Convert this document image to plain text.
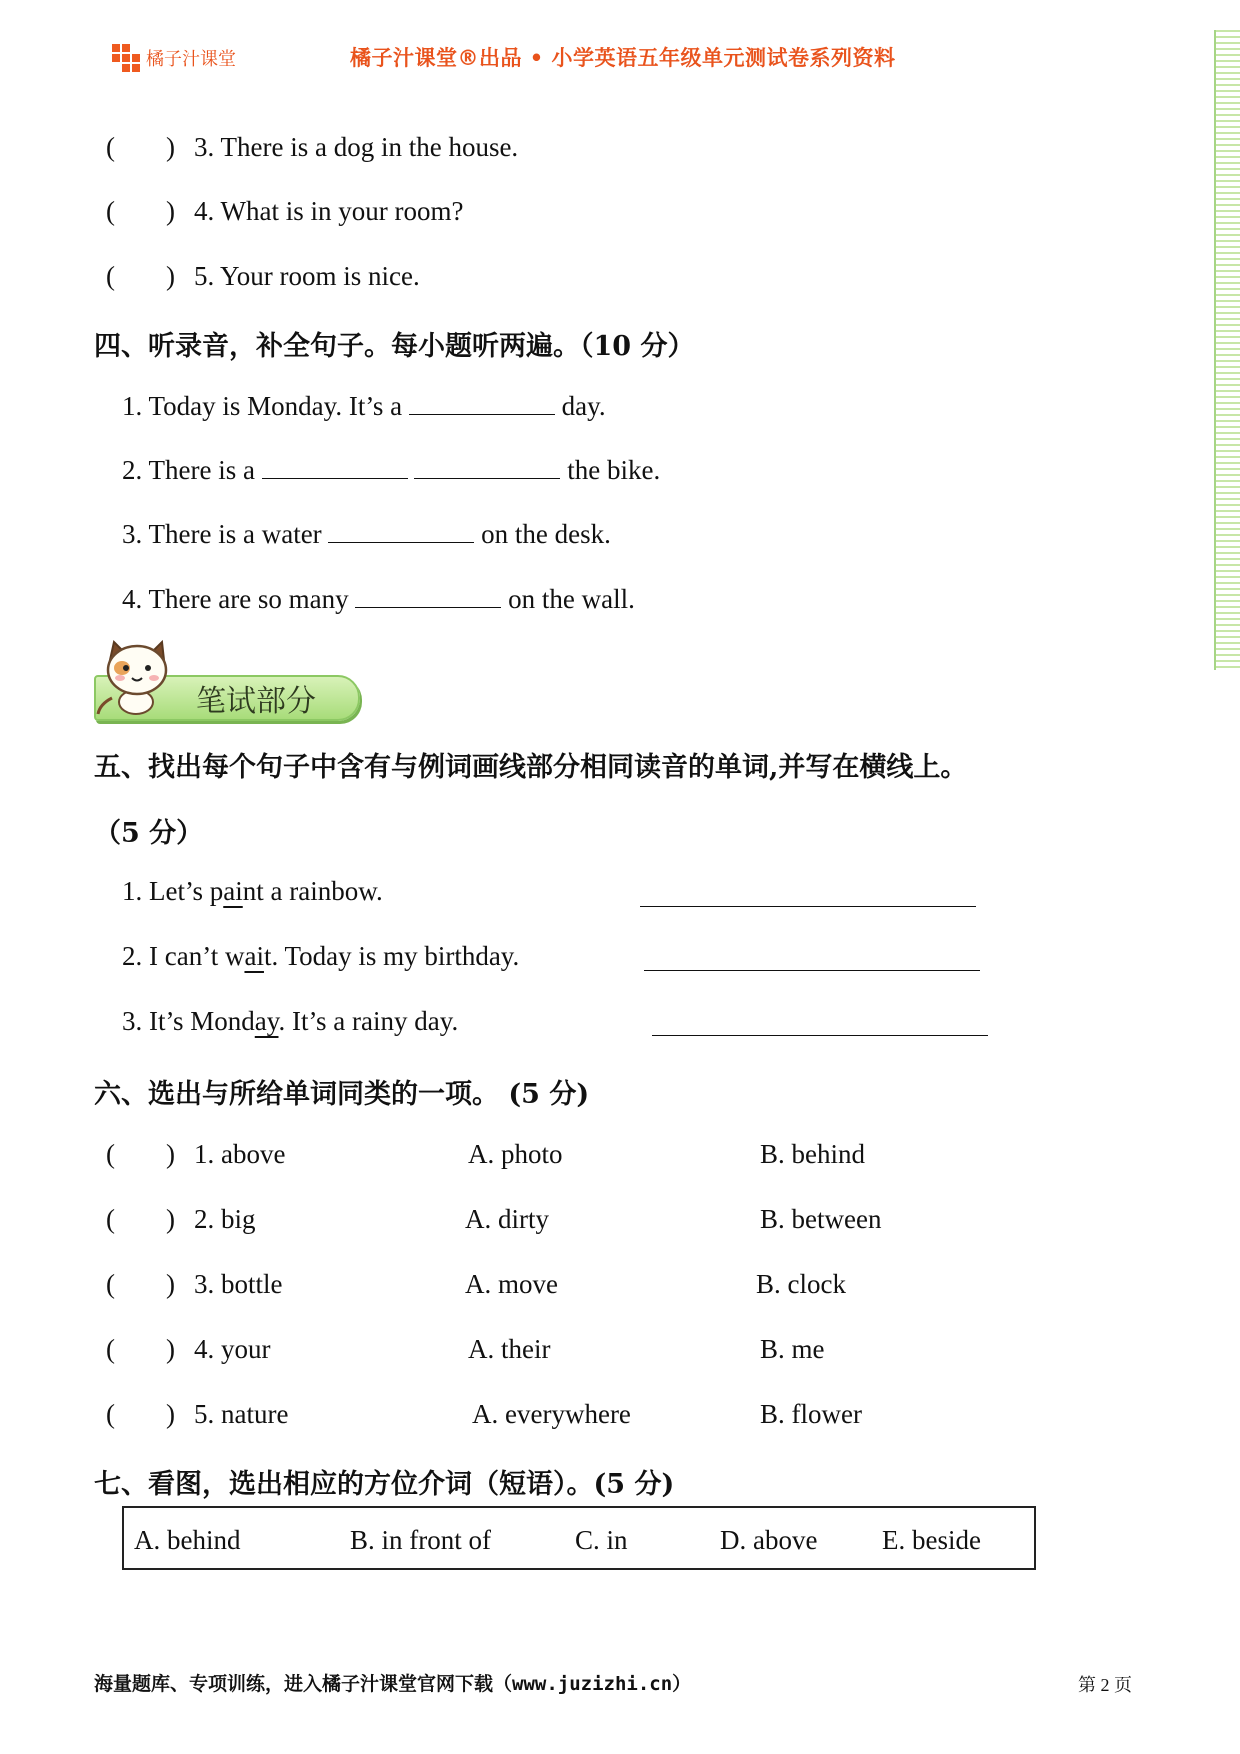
橘子汁课堂	橘子汁课堂®出品 • 小学英语五年级单元测试卷系列资料
( ) 3. There is a dog in the house.
( ) 4. What is in your room?
( ) 5. Your room is nice.
四、听录音，补全句子。每小题听两遍。（10 分）
1. Today is Monday. It’s a	day.
2. There is a	the bike.
3. There is a water	on the desk.
4. There are so many	on the wall.
笔试部分
五、找出每个句子中含有与例词画线部分相同读音的单词,并写在横线上。
（5 分）
1. Let’s paint a rainbow.
2. I can’t wait. Today is my birthday.
3. It’s Monday. It’s a rainy day.
六、选出与所给单词同类的一项。 (5 分)
( ) 1. above	A. photo	B. behind
( ) 2. big	A. dirty	B. between
( ) 3. bottle	A. move	B. clock
( ) 4. your	A. their	B. me
( ) 5. nature	A. everywhere	B. flower
七、看图，选出相应的方位介词（短语）。(5 分)
A. behind	B. in front of	C. in	D. above E. beside
海量题库、专项训练，进入橘子汁课堂官网下载（www.juzizhi.cn）	第 2 页
